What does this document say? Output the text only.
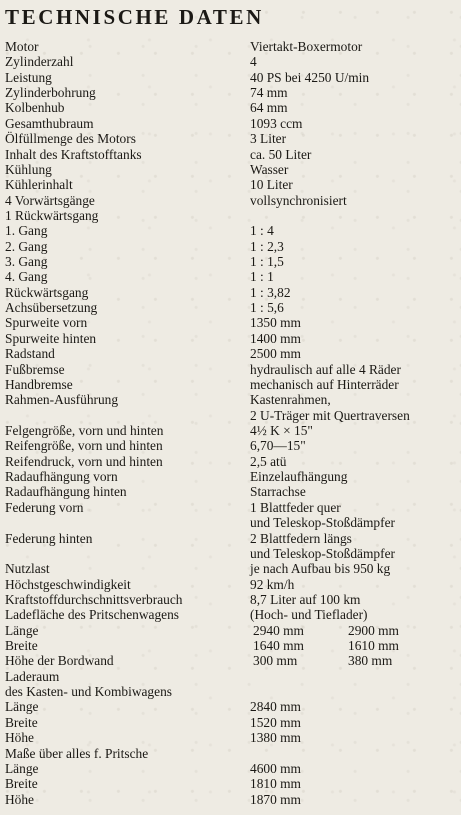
TECHNISCHE DATEN
Motor	Viertakt-Boxermotor
Zylinderzahl	4
Leistung	40 PS bei 4250 U/min
Zylinderbohrung	74 mm
Kolbenhub	64 mm
Gesamthubraum	1093 ccm
Ölfüllmenge des Motors	3 Liter
Inhalt des Kraftstofftanks	ca. 50 Liter
Kühlung	Wasser
Kühlerinhalt	10 Liter
4 Vorwärtsgänge	vollsynchronisiert
1 Rückwärtsgang
1. Gang	1 : 4
2. Gang	1 : 2,3
3. Gang	1 : 1,5
4. Gang	1 : 1
Rückwärtsgang	1 : 3,82
Achsübersetzung	1 : 5,6
Spurweite vorn	1350 mm
Spurweite hinten	1400 mm
Radstand	2500 mm
Fußbremse	hydraulisch auf alle 4 Räder
Handbremse	mechanisch auf Hinterräder
Rahmen-Ausführung	Kastenrahmen,
2 U-Träger mit Quertraversen
Felgengröße, vorn und hinten	4½ K × 15"
Reifengröße, vorn und hinten	6,70—15"
Reifendruck, vorn und hinten	2,5 atü
Radaufhängung vorn	Einzelaufhängung
Radaufhängung hinten	Starrachse
Federung vorn	1 Blattfeder quer
und Teleskop-Stoßdämpfer
Federung hinten	2 Blattfedern längs
und Teleskop-Stoßdämpfer
Nutzlast	je nach Aufbau bis 950 kg
Höchstgeschwindigkeit	92 km/h
Kraftstoffdurchschnittsverbrauch	8,7 Liter auf 100 km
Ladefläche des Pritschenwagens	(Hoch- und Tieflader)
Länge	2940 mm	2900 mm
Breite	1640 mm	1610 mm
Höhe der Bordwand	300 mm	380 mm
Laderaum
des Kasten- und Kombiwagens
Länge	2840 mm
Breite	1520 mm
Höhe	1380 mm
Maße über alles f. Pritsche
Länge	4600 mm
Breite	1810 mm
Höhe	1870 mm
